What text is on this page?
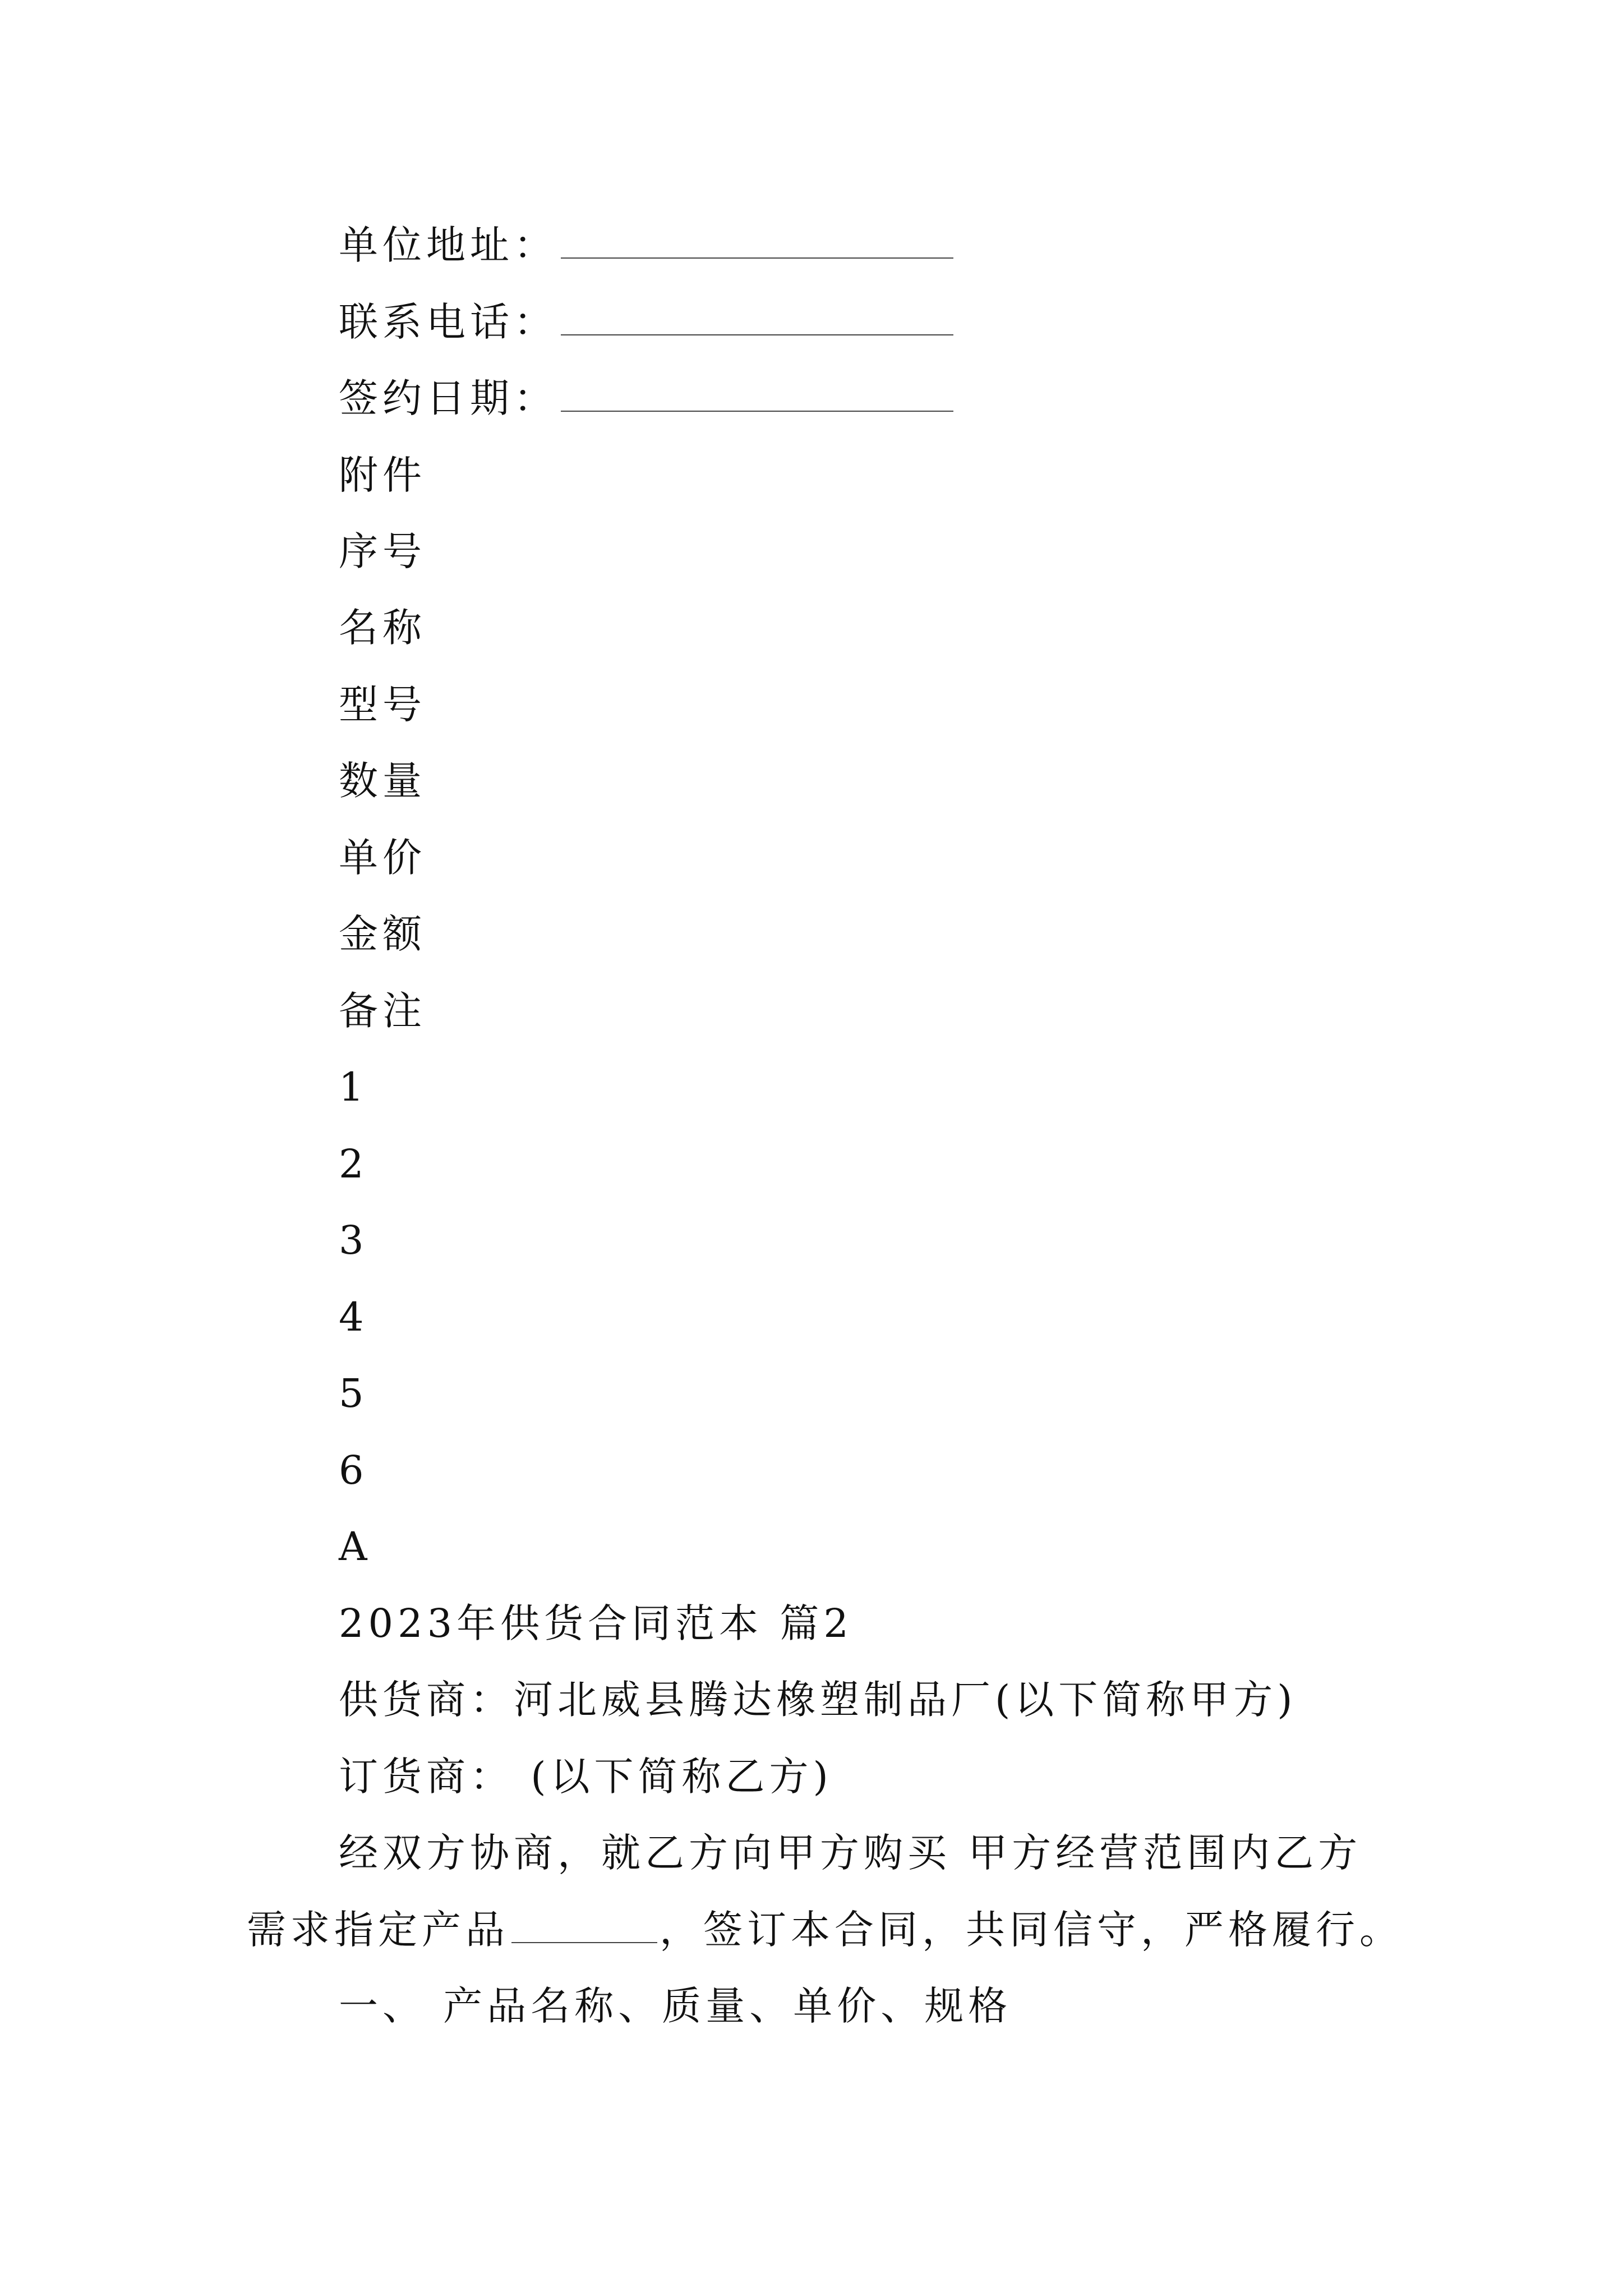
单位地址：
联系电话：
签约日期：
附件
序号
名称
型号
数量
单价
金额
备注
1
2
3
4
5
6
A
2023年供货合同范本 篇2
供货商：河北威县腾达橡塑制品厂(以下简称甲方)
订货商： (以下简称乙方)
经双方协商，就乙方向甲方购买 甲方经营范围内乙方
需求指定产品	，签订本合同，共同信守，严格履行。
一、 产品名称、质量、单价、规格
